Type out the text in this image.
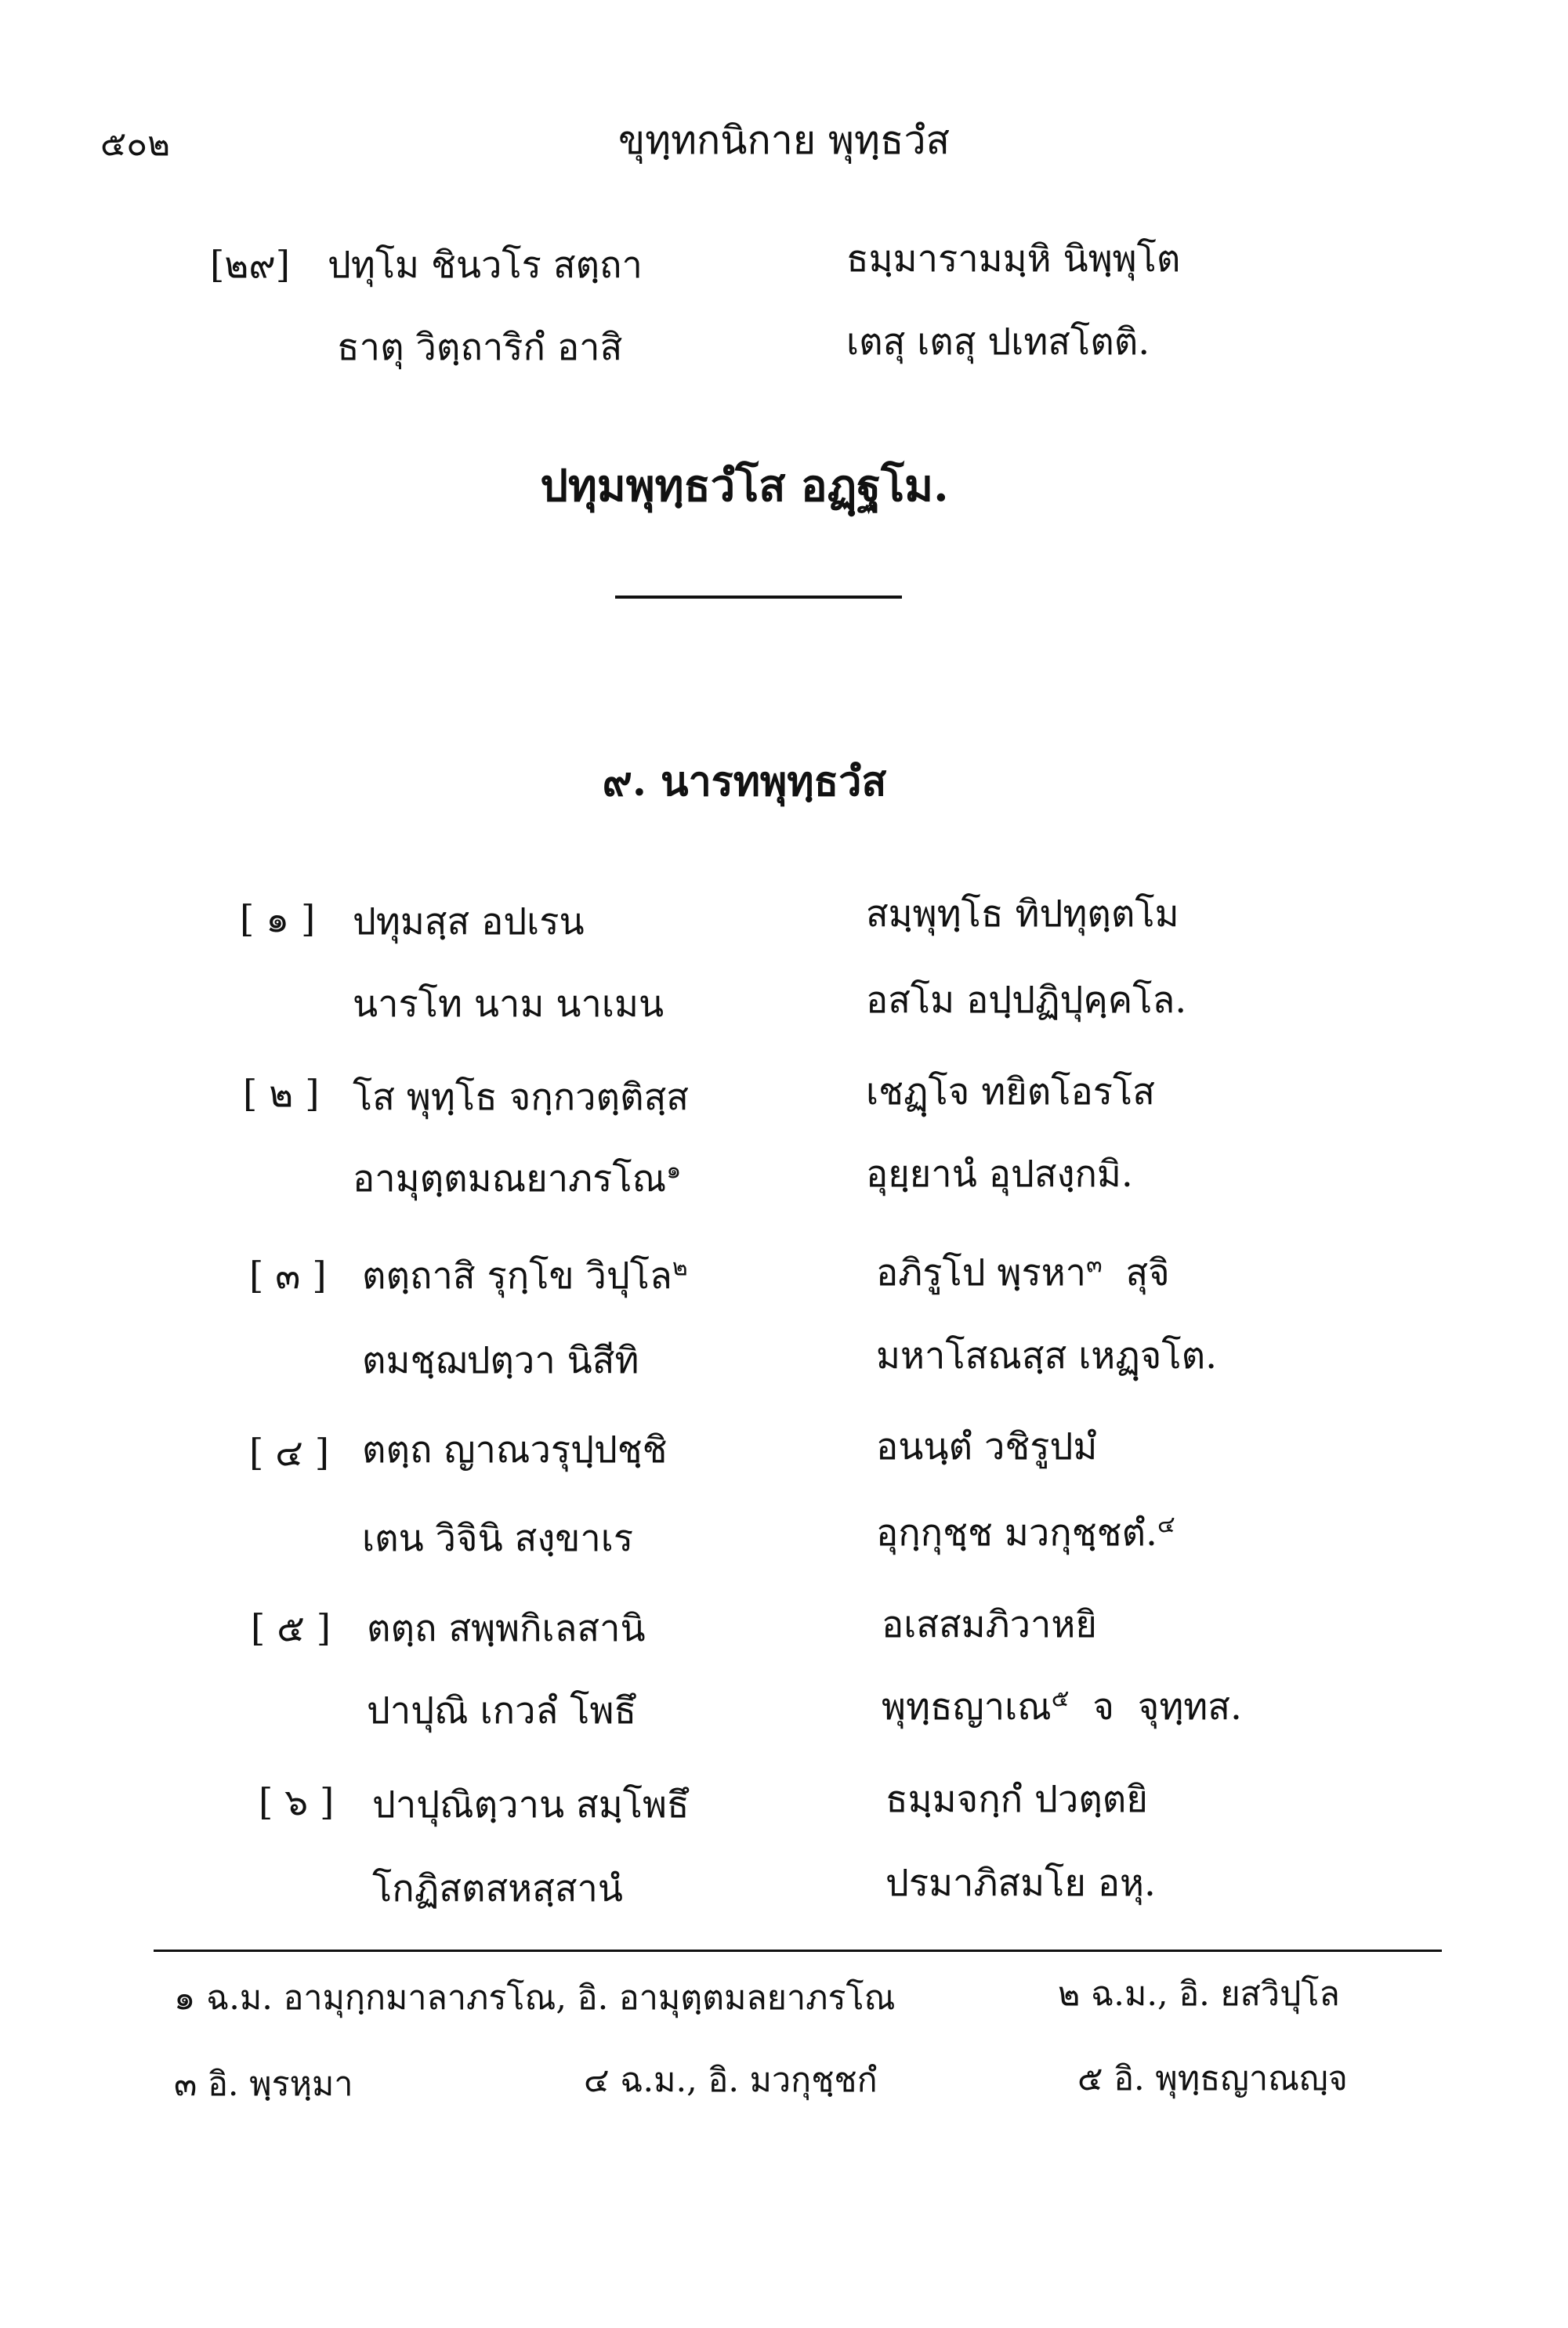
๕๐๒	ขุทฺทกนิกาย พุทฺธวํส
[๒๙] ปทุโม ชินวโร สตฺถา	ธมฺมารามมฺหิ นิพฺพุโต
ธาตุ วิตฺถาริกํ อาสิ	เตสุ เตสุ ปเทสโตติ.
ปทุมพุทฺธวํโส อฏฺฐโม.
๙. นารทพุทฺธวํส
[ ๑ ] ปทุมสฺส อปเรน	สมฺพุทฺโธ ทิปทุตฺตโม
นารโท นาม นาเมน	อสโม อปฺปฏิปุคฺคโล.
[ ๒ ] โส พุทฺโธ จกฺกวตฺติสฺส	เชฏฺโจ ทยิตโอรโส
อามุตฺตมณยาภรโณ$^๑$	อุยฺยานํ อุปสงฺกมิ.
[ ๓ ] ตตฺถาสิ รุกฺโข วิปุโล$^๒$	อภิรูโป พฺรหา$^๓$  สุจิ
ตมชฺฌปตฺวา นิสีทิ	มหาโสณสฺส เหฏฺจโต.
[ ๔ ] ตตฺถ ญาณวรุปฺปชฺชิ	อนนฺตํ วชิรูปมํ
เตน วิจินิ สงฺขาเร	อุกฺกุชฺช มวกุชฺชตํ.$^๔$
[ ๕ ] ตตฺถ สพฺพกิเลสานิ	อเสสมภิวาหยิ
ปาปุณิ เกวลํ โพธึ	พุทฺธญาเณ$^๕$  จ  จุทฺทส.
[ ๖ ] ปาปุณิตฺวาน สมฺโพธึ	ธมฺมจกฺกํ ปวตฺตยิ
โกฏิสตสหสฺสานํ	ปรมาภิสมโย อหุ.
๑ ฉ.ม. อามุกฺกมาลาภรโณ, อิ. อามุตฺตมลยาภรโณ	๒ ฉ.ม., อิ. ยสวิปุโล
๓ อิ. พฺรหฺมา	๔ ฉ.ม., อิ. มวกุชฺชกํ	๕ อิ. พุทฺธญาณญฺจ
